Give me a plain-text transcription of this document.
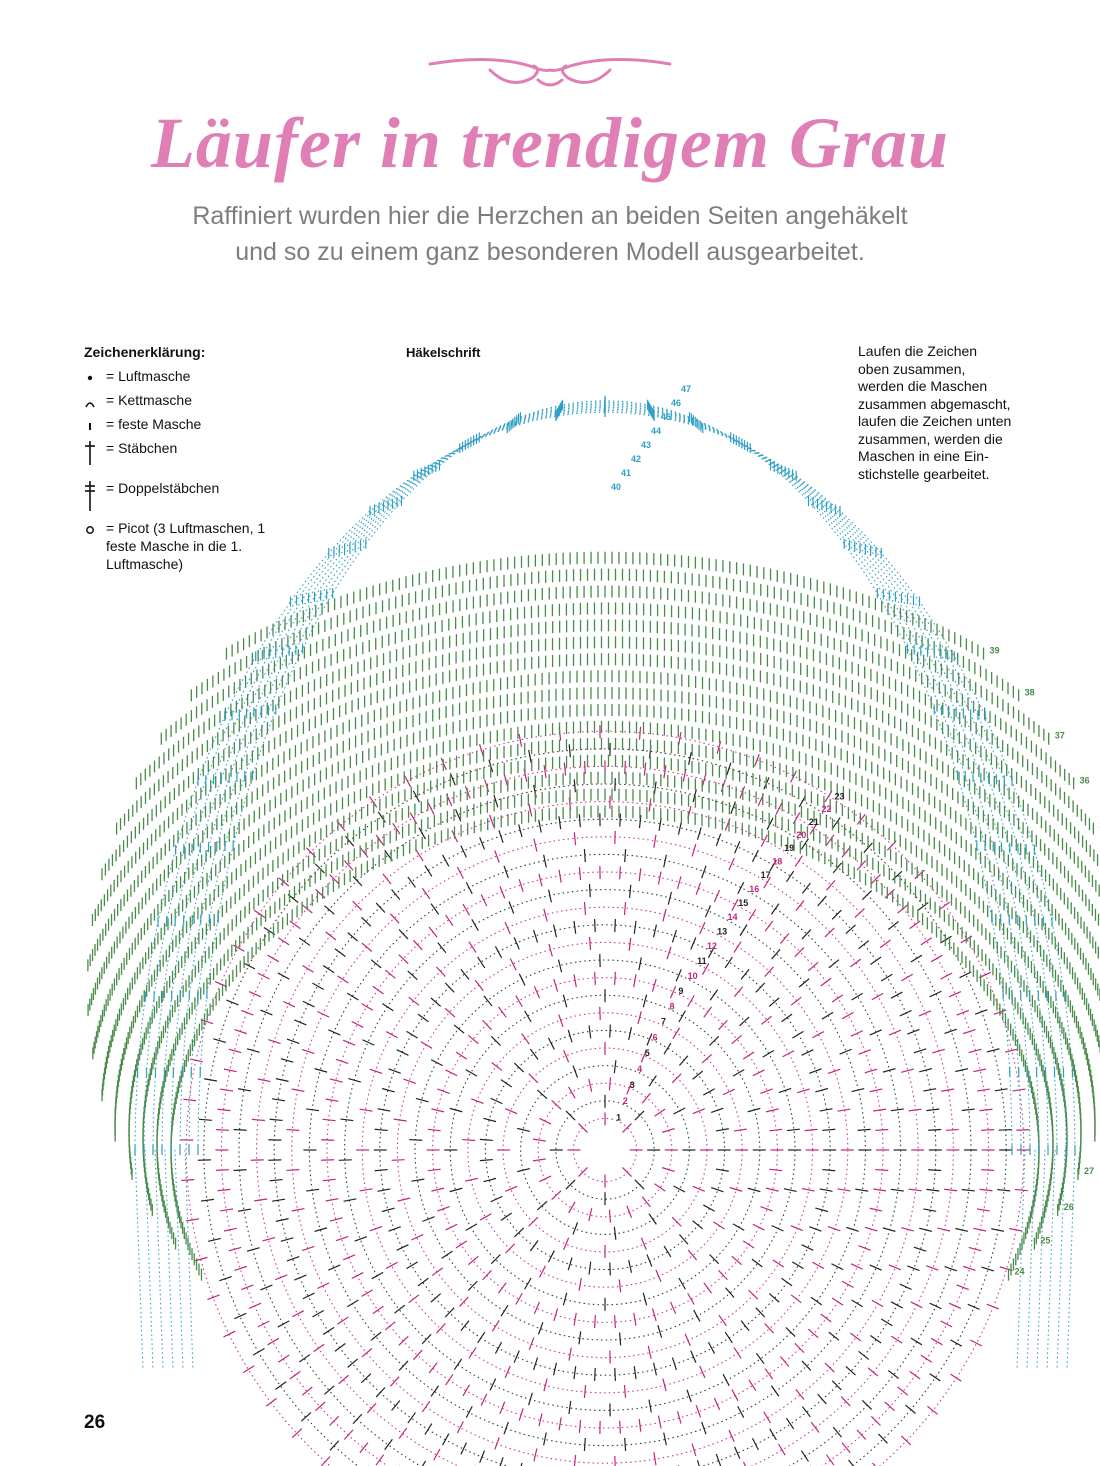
Läufer in trendigem Grau
Raffiniert wurden hier die Herzchen an beiden Seiten angehäkelt
und so zu einem ganz besonderen Modell ausgearbeitet.
Zeichenerklärung:
= Luftmasche
= Kettmasche
= feste Masche
= Stäbchen
= Doppelstäbchen
= Picot (3 Luftmaschen, 1 feste Masche in die 1. Luftmasche)
Häkelschrift	Laufen die Zeichen
oben zusammen,
werden die Maschen
zusammen abgemascht,
laufen die Zeichen unten
zusammen, werden die
Maschen in eine Ein-
stichstelle gearbeitet.
1
2
3
4
5
6
7
8
9
10
11
12
13
14
15
16
17
18
19
20
21
22
23
24
25
26
27
36
37
38
39
40
41
42
43
44
45
46
47
26
